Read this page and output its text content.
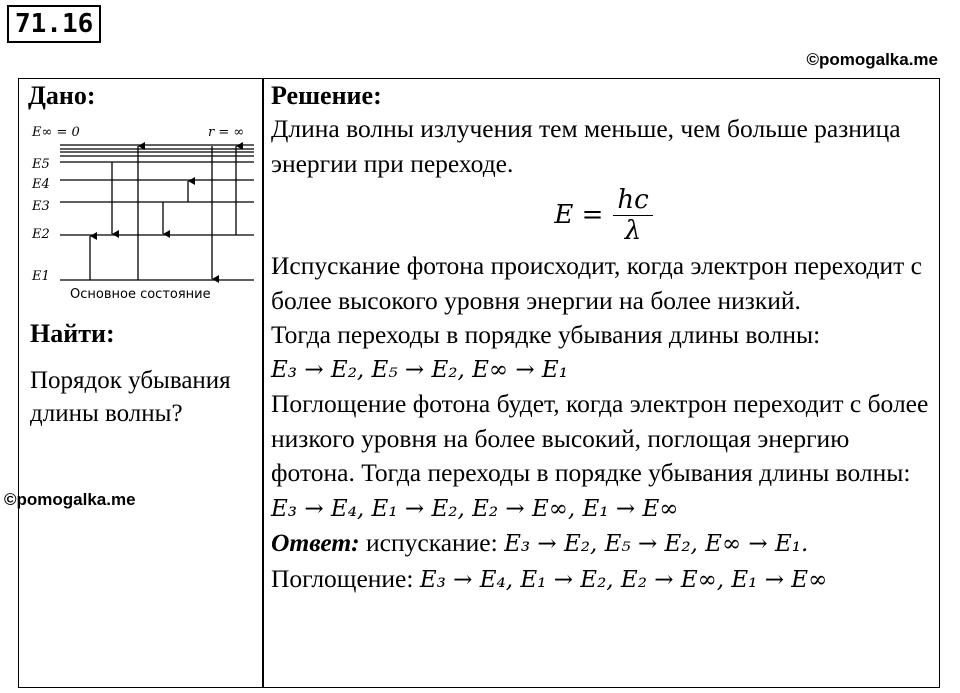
71.16
©pomogalka.me
©pomogalka.me
Дано:
E∞ = 0	r = ∞
E5
E4
E3
E2
E1
Основное состояние
Найти:
Порядок убывания длины волны?
Решение:

Длина волны излучения тем меньше, чем больше разница энергии при переходе.

$E = \frac{hc}{\lambda}$

Испускание фотона происходит, когда электрон переходит с более высокого уровня энергии на более низкий.

Тогда переходы в порядке убывания длины волны:

E₃ → E₂, E₅ → E₂, E∞ → E₁

Поглощение фотона будет, когда электрон переходит с более низкого уровня на более высокий, поглощая энергию фотона. Тогда переходы в порядке убывания длины волны: E₃ → E₄, E₁ → E₂, E₂ → E∞, E₁ → E∞

Ответ: испускание: E₃ → E₂, E₅ → E₂, E∞ → E₁.

Поглощение: E₃ → E₄, E₁ → E₂, E₂ → E∞, E₁ → E∞
